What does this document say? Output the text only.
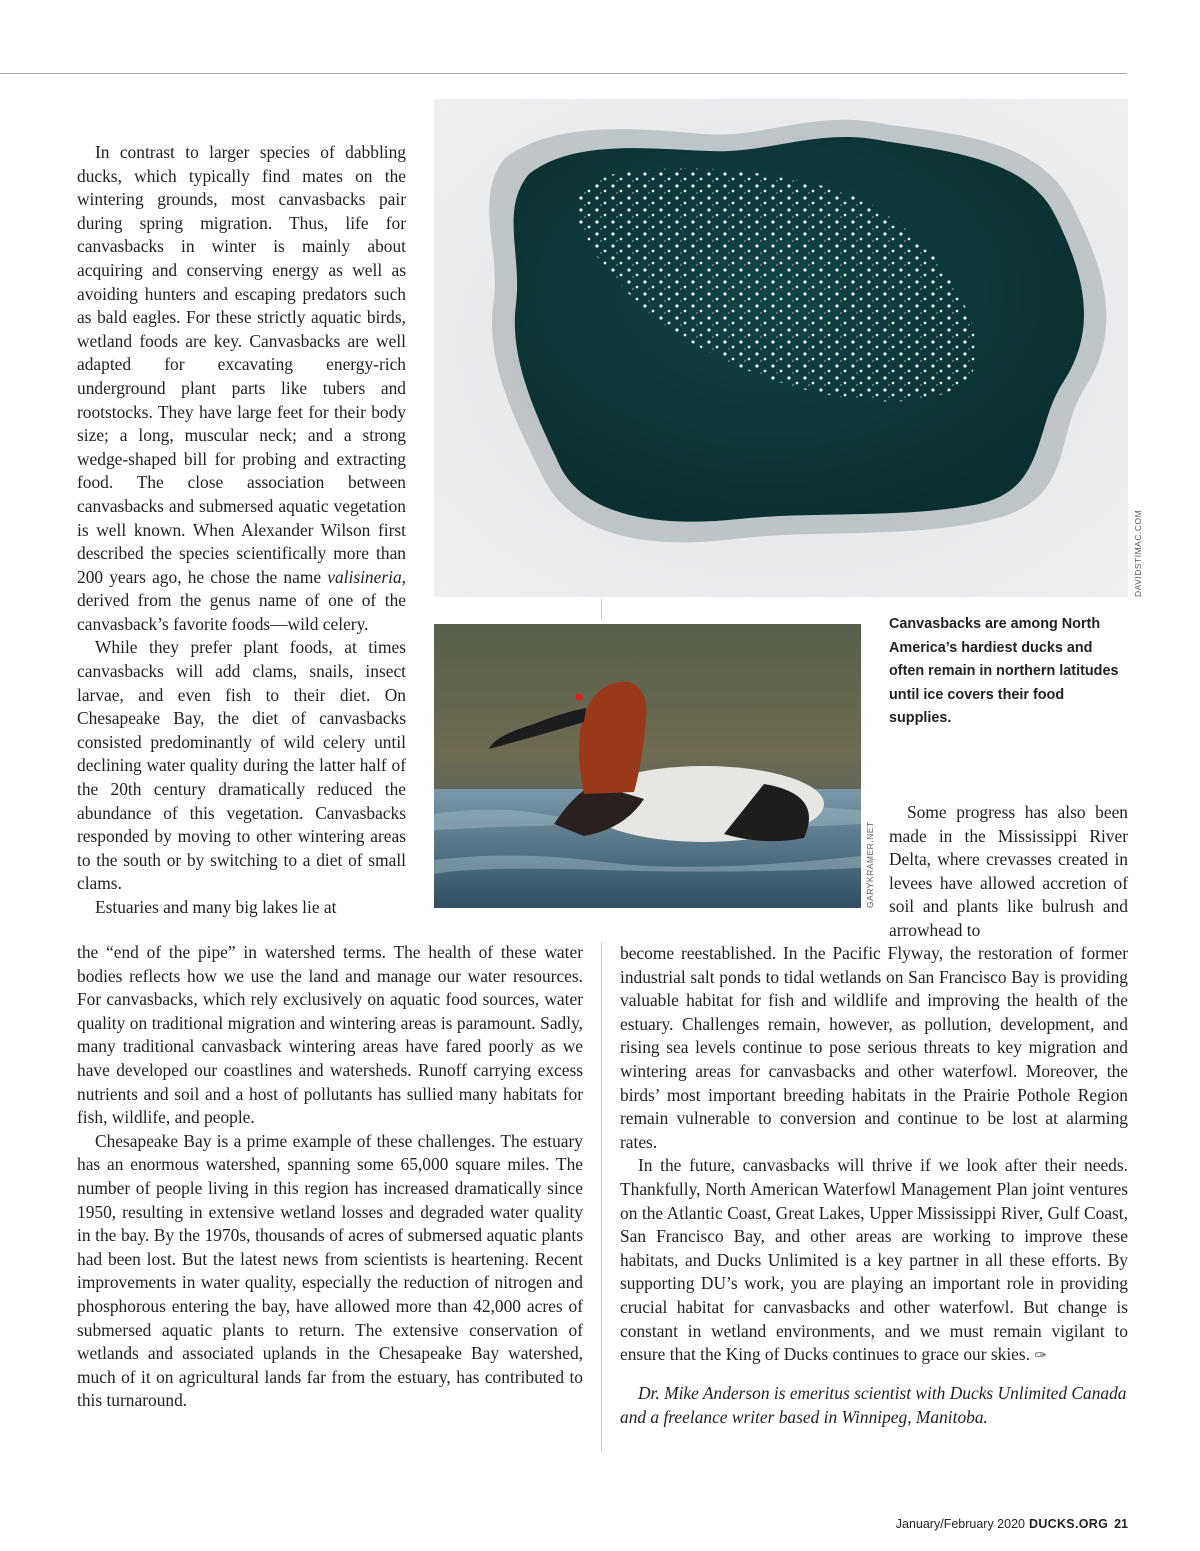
In contrast to larger species of dabbling ducks, which typically find mates on the wintering grounds, most canvasbacks pair during spring migration. Thus, life for canvasbacks in winter is mainly about acquiring and conserving energy as well as avoiding hunters and escaping predators such as bald eagles. For these strictly aquatic birds, wetland foods are key. Canvasbacks are well adapted for excavating energy-rich underground plant parts like tubers and rootstocks. They have large feet for their body size; a long, muscular neck; and a strong wedge-shaped bill for probing and extracting food. The close association between canvasbacks and submersed aquatic vegetation is well known. When Alexander Wilson first described the species scientifically more than 200 years ago, he chose the name valisineria, derived from the genus name of one of the canvasback’s favorite foods—wild celery.

While they prefer plant foods, at times canvasbacks will add clams, snails, insect larvae, and even fish to their diet. On Chesapeake Bay, the diet of canvasbacks consisted predominantly of wild celery until declining water quality during the latter half of the 20th century dramatically reduced the abundance of this vegetation. Canvasbacks responded by moving to other wintering areas to the south or by switching to a diet of small clams.

Estuaries and many big lakes lie at

the “end of the pipe” in watershed terms. The health of these water bodies reflects how we use the land and manage our water resources. For canvasbacks, which rely exclusively on aquatic food sources, water quality on traditional migration and wintering areas is paramount. Sadly, many traditional canvasback wintering areas have fared poorly as we have developed our coastlines and watersheds. Runoff carrying excess nutrients and soil and a host of pollutants has sullied many habitats for fish, wildlife, and people.

Chesapeake Bay is a prime example of these challenges. The estuary has an enormous watershed, spanning some 65,000 square miles. The number of people living in this region has increased dramatically since 1950, resulting in extensive wetland losses and degraded water quality in the bay. By the 1970s, thousands of acres of submersed aquatic plants had been lost. But the latest news from scientists is heartening. Recent improvements in water quality, especially the reduction of nitrogen and phosphorous entering the bay, have allowed more than 42,000 acres of submersed aquatic plants to return. The extensive conservation of wetlands and associated uplands in the Chesapeake Bay watershed, much of it on agricultural lands far from the estuary, has contributed to this turnaround.

DAVIDSTIMAC.COM
GARYKRAMER.NET

Canvasbacks are among North America’s hardiest ducks and often remain in northern latitudes until ice covers their food supplies.

Some progress has also been made in the Mississippi River Delta, where crevasses created in levees have allowed accretion of soil and plants like bulrush and arrowhead to

become reestablished. In the Pacific Flyway, the restoration of former industrial salt ponds to tidal wetlands on San Francisco Bay is providing valuable habitat for fish and wildlife and improving the health of the estuary. Challenges remain, however, as pollution, development, and rising sea levels continue to pose serious threats to key migration and wintering areas for canvasbacks and other waterfowl. Moreover, the birds’ most important breeding habitats in the Prairie Pothole Region remain vulnerable to conversion and continue to be lost at alarming rates.

In the future, canvasbacks will thrive if we look after their needs. Thankfully, North American Waterfowl Management Plan joint ventures on the Atlantic Coast, Great Lakes, Upper Mississippi River, Gulf Coast, San Francisco Bay, and other areas are working to improve these habitats, and Ducks Unlimited is a key partner in all these efforts. By supporting DU’s work, you are playing an important role in providing crucial habitat for canvasbacks and other waterfowl. But change is constant in wetland environments, and we must remain vigilant to ensure that the King of Ducks continues to grace our skies. ✑

Dr. Mike Anderson is emeritus scientist with Ducks Unlimited Canada and a freelance writer based in Winnipeg, Manitoba.

January/February 2020 DUCKS.ORG 21
